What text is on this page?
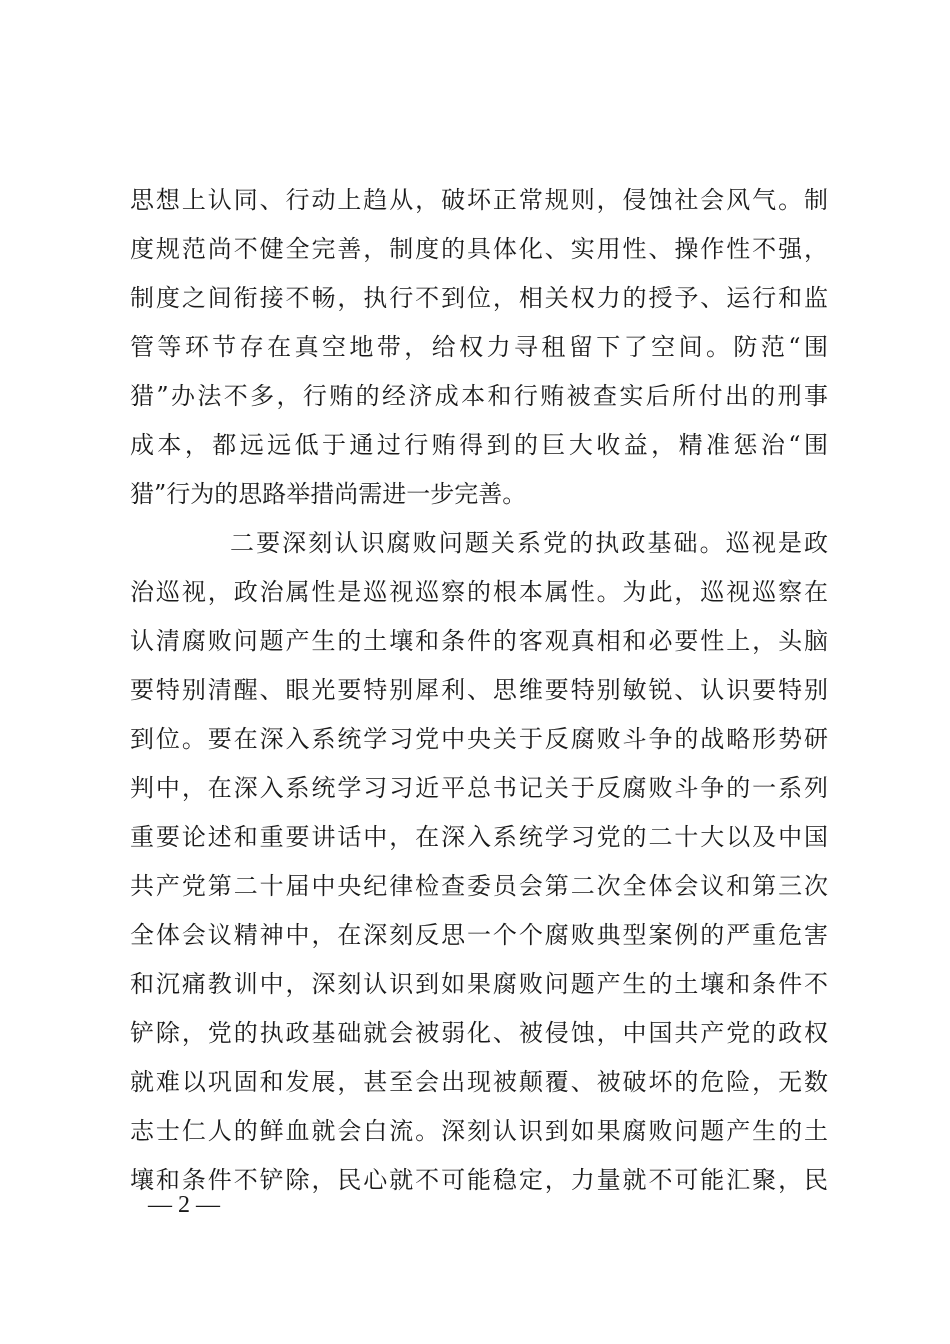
思想上认同、行动上趋从，破坏正常规则，侵蚀社会风气。制
度规范尚不健全完善，制度的具体化、实用性、操作性不强，
制度之间衔接不畅，执行不到位，相关权力的授予、运行和监
管等环节存在真空地带，给权力寻租留下了空间。防范“围
猎”办法不多，行贿的经济成本和行贿被查实后所付出的刑事
成本，都远远低于通过行贿得到的巨大收益，精准惩治“围
猎”行为的思路举措尚需进一步完善。
二要深刻认识腐败问题关系党的执政基础。巡视是政
治巡视，政治属性是巡视巡察的根本属性。为此，巡视巡察在
认清腐败问题产生的土壤和条件的客观真相和必要性上，头脑
要特别清醒、眼光要特别犀利、思维要特别敏锐、认识要特别
到位。要在深入系统学习党中央关于反腐败斗争的战略形势研
判中，在深入系统学习习近平总书记关于反腐败斗争的一系列
重要论述和重要讲话中，在深入系统学习党的二十大以及中国
共产党第二十届中央纪律检查委员会第二次全体会议和第三次
全体会议精神中，在深刻反思一个个腐败典型案例的严重危害
和沉痛教训中，深刻认识到如果腐败问题产生的土壤和条件不
铲除，党的执政基础就会被弱化、被侵蚀，中国共产党的政权
就难以巩固和发展，甚至会出现被颠覆、被破坏的危险，无数
志士仁人的鲜血就会白流。深刻认识到如果腐败问题产生的土
壤和条件不铲除，民心就不可能稳定，力量就不可能汇聚，民
— 2 —
